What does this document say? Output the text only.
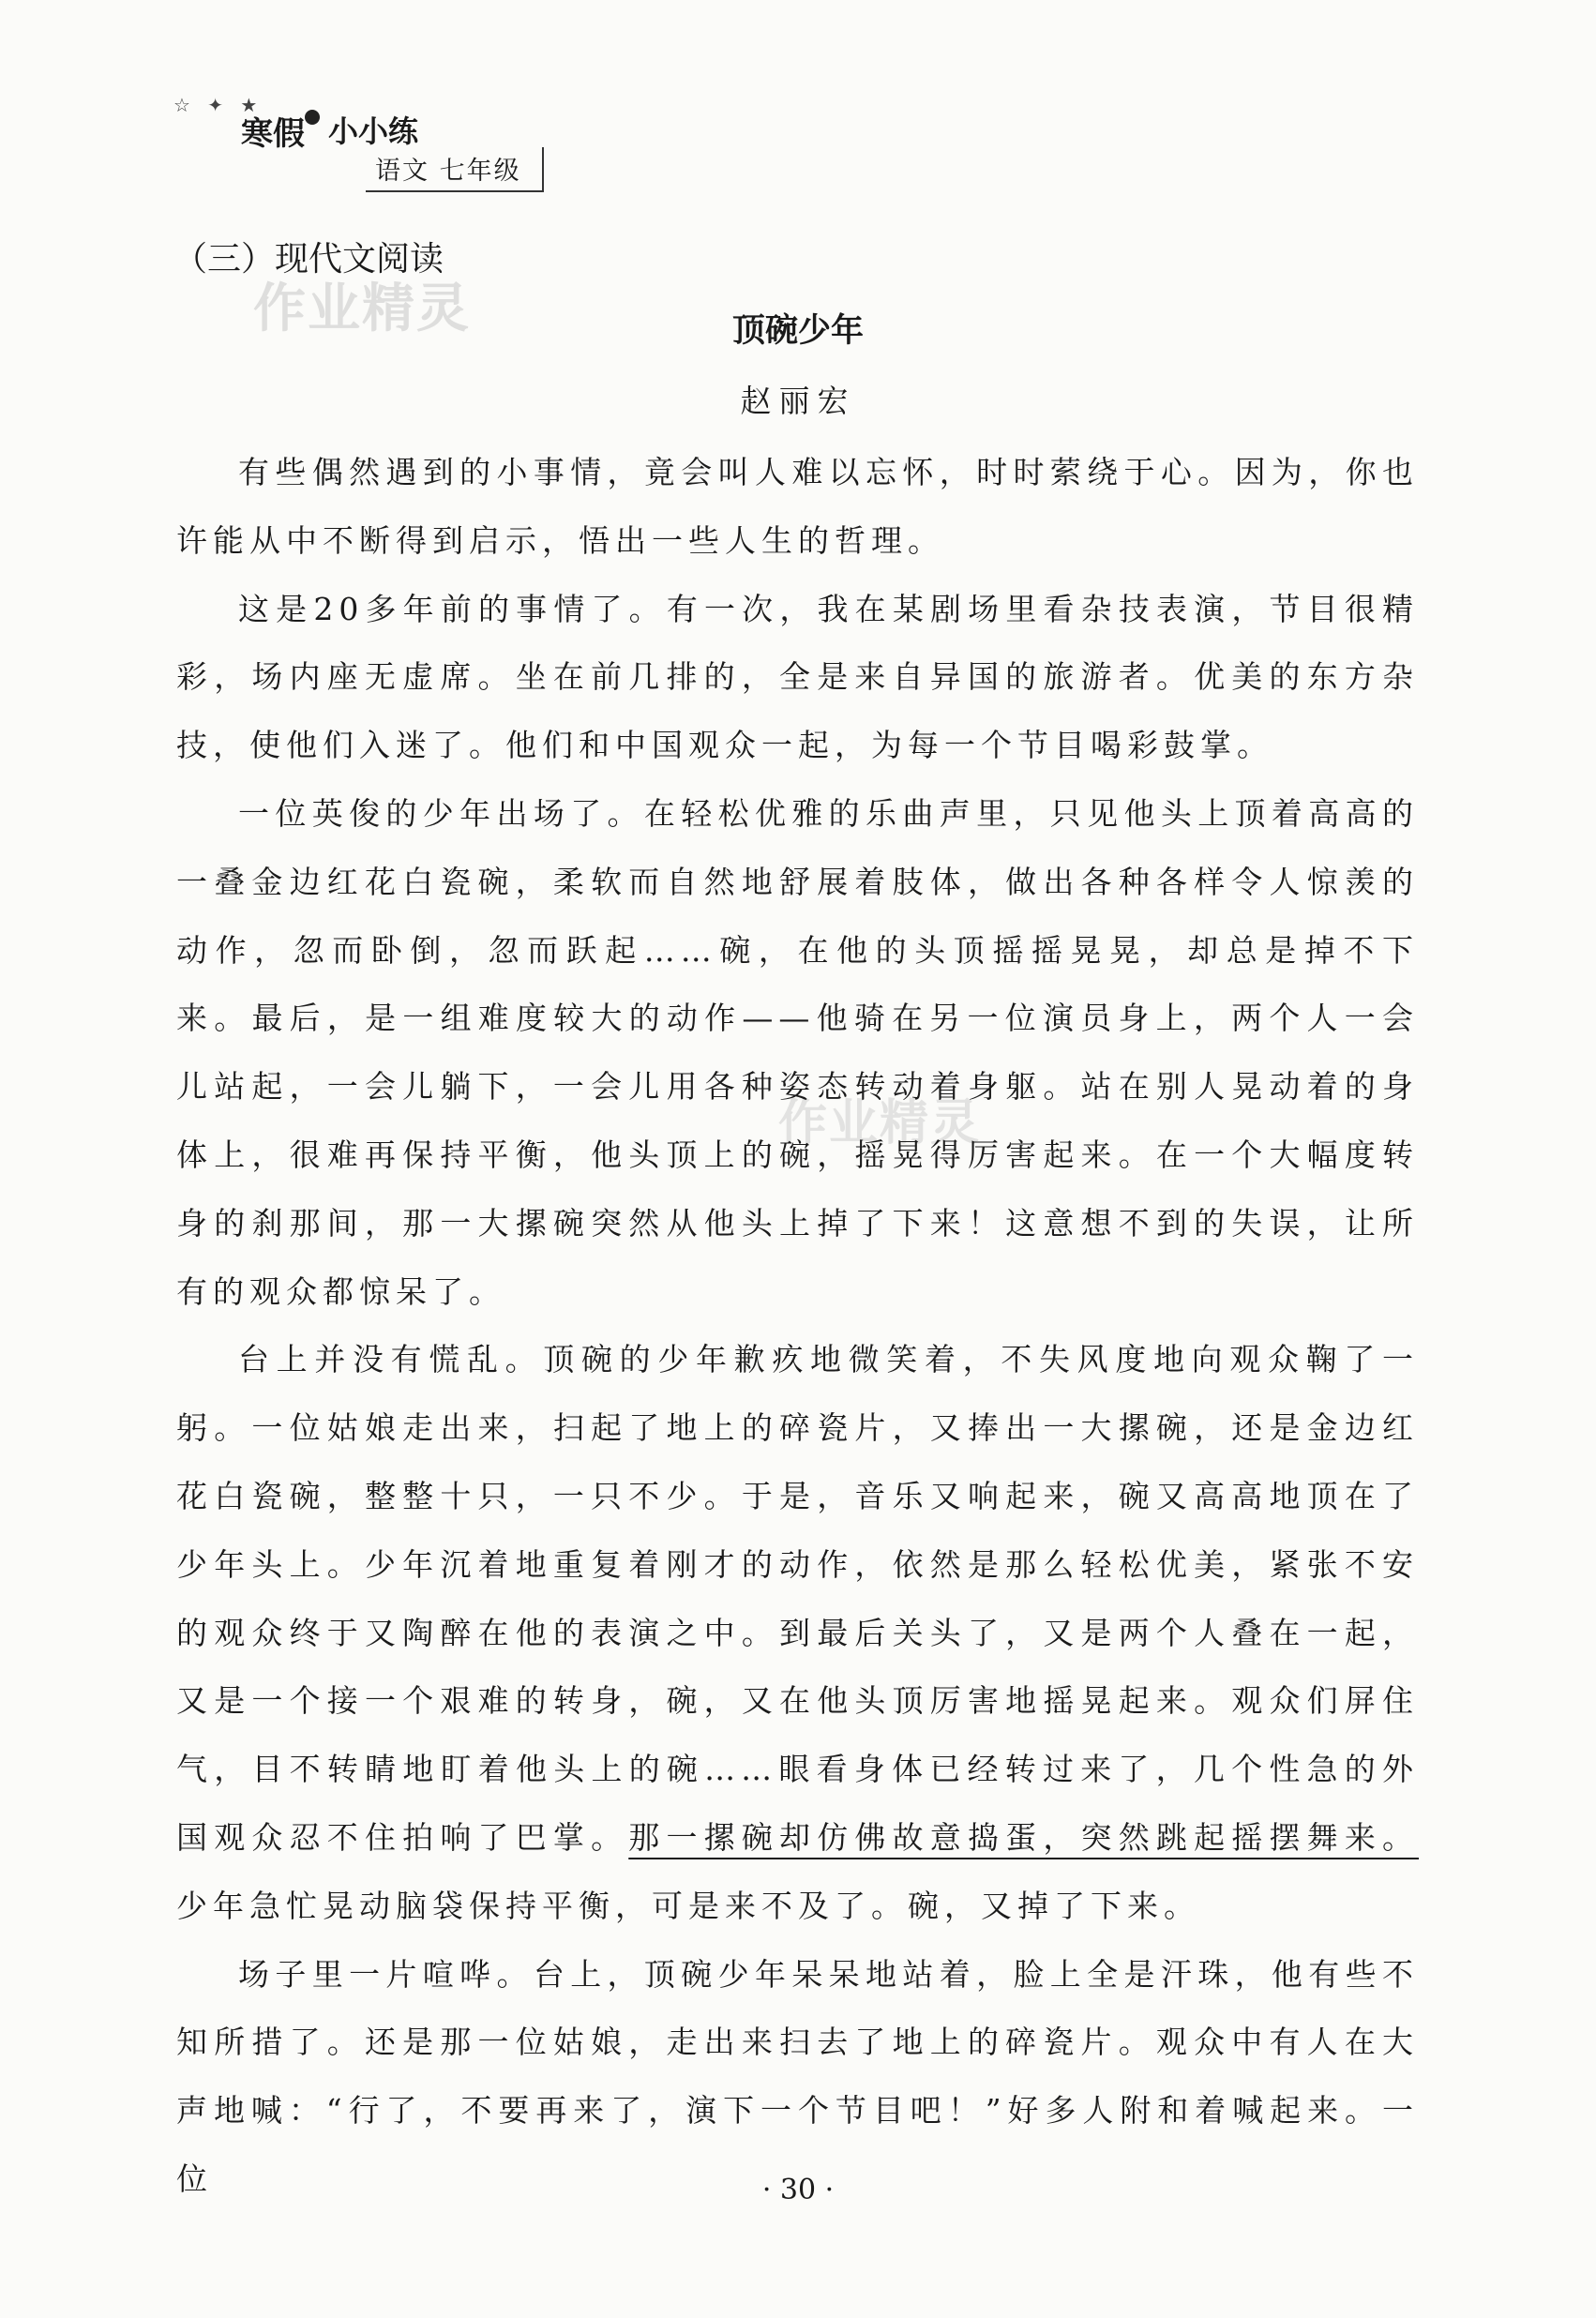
☆ ✦ ★
寒假 小小练
语文 七年级
（三）现代文阅读
作业精灵
作业精灵
顶碗少年
赵丽宏

有些偶然遇到的小事情，竟会叫人难以忘怀，时时萦绕于心。因为，你也许能从中不断得到启示，悟出一些人生的哲理。

这是20多年前的事情了。有一次，我在某剧场里看杂技表演，节目很精彩，场内座无虚席。坐在前几排的，全是来自异国的旅游者。优美的东方杂技，使他们入迷了。他们和中国观众一起，为每一个节目喝彩鼓掌。

一位英俊的少年出场了。在轻松优雅的乐曲声里，只见他头上顶着高高的一叠金边红花白瓷碗，柔软而自然地舒展着肢体，做出各种各样令人惊羡的动作，忽而卧倒，忽而跃起……碗，在他的头顶摇摇晃晃，却总是掉不下来。最后，是一组难度较大的动作——他骑在另一位演员身上，两个人一会儿站起，一会儿躺下，一会儿用各种姿态转动着身躯。站在别人晃动着的身体上，很难再保持平衡，他头顶上的碗，摇晃得厉害起来。在一个大幅度转身的刹那间，那一大摞碗突然从他头上掉了下来！这意想不到的失误，让所有的观众都惊呆了。

台上并没有慌乱。顶碗的少年歉疚地微笑着，不失风度地向观众鞠了一躬。一位姑娘走出来，扫起了地上的碎瓷片，又捧出一大摞碗，还是金边红花白瓷碗，整整十只，一只不少。于是，音乐又响起来，碗又高高地顶在了少年头上。少年沉着地重复着刚才的动作，依然是那么轻松优美，紧张不安的观众终于又陶醉在他的表演之中。到最后关头了，又是两个人叠在一起，又是一个接一个艰难的转身，碗，又在他头顶厉害地摇晃起来。观众们屏住气，目不转睛地盯着他头上的碗……眼看身体已经转过来了，几个性急的外国观众忍不住拍响了巴掌。那一摞碗却仿佛故意捣蛋，突然跳起摇摆舞来。少年急忙晃动脑袋保持平衡，可是来不及了。碗，又掉了下来。

场子里一片喧哗。台上，顶碗少年呆呆地站着，脸上全是汗珠，他有些不知所措了。还是那一位姑娘，走出来扫去了地上的碎瓷片。观众中有人在大声地喊：“行了，不要再来了，演下一个节目吧！”好多人附和着喊起来。一位	· 30 ·
